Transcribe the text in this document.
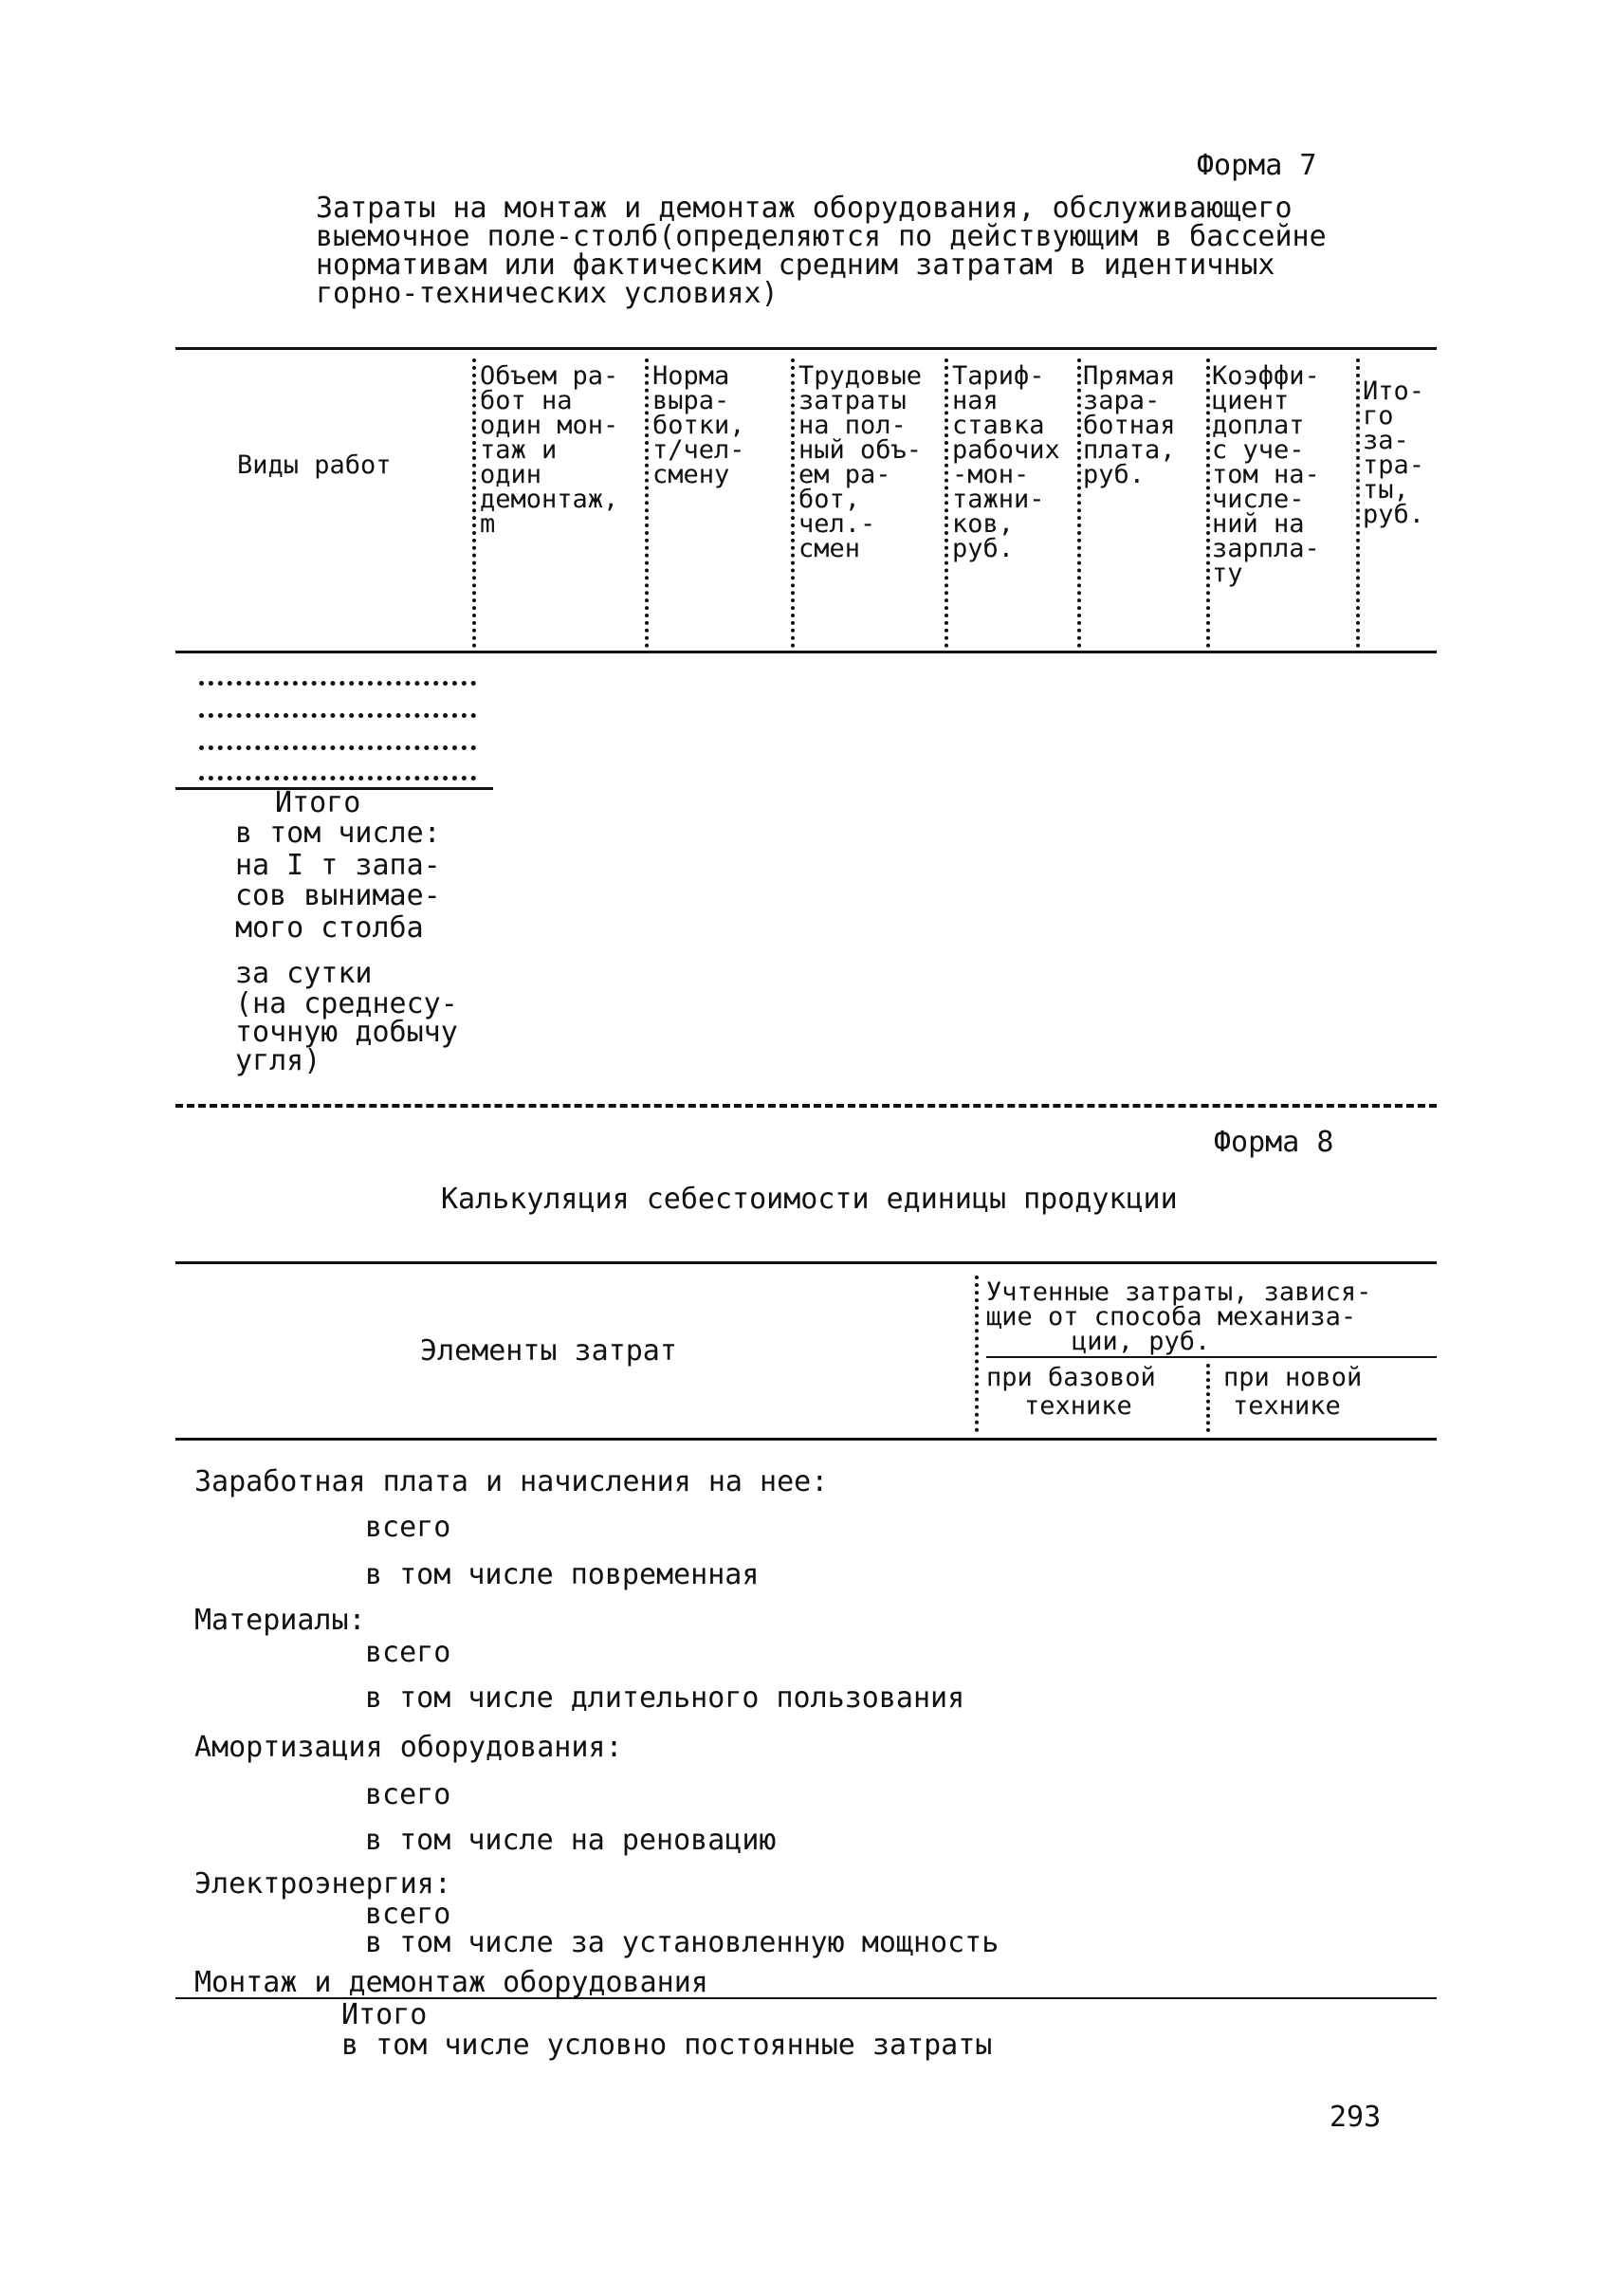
Форма 7
Затраты на монтаж и демонтаж оборудования, обслуживающего
выемочное поле-столб(определяются по действующим в бассейне
нормативам или фактическим средним затратам в идентичных
горно-технических условиях)
Виды работ
Объем ра-
бот на
один мон-
таж и
один
демонтаж,
m
Норма
выра-
ботки,
т/чел-
смену
Трудовые
затраты
на пол-
ный объ-
ем ра-
бот,
чел.-
смен
Тариф-
ная
ставка
рабочих
-мон-
тажни-
ков,
руб.
Прямая
зара-
ботная
плата,
руб.
Коэффи-
циент
доплат
с уче-
том на-
числе-
ний на
зарпла-
ту
Ито-
го
за-
тра-
ты,
руб.
Итого
в том числе:
на I т запа-
сов вынимае-
мого столба
за сутки
(на среднесу-
точную добычу
угля)
Форма 8
Калькуляция себестоимости единицы продукции
Элементы затрат
Учтенные затраты, завися-
щие от способа механиза-
ции, руб.
при базовой
технике
при новой
технике
Заработная плата и начисления на нее:
всего
в том числе повременная
Материалы:
всего
в том числе длительного пользования
Амортизация оборудования:
всего
в том числе на реновацию
Электроэнергия:
всего
в том числе за установленную мощность
Монтаж и демонтаж оборудования
Итого
в том числе условно постоянные затраты
293
